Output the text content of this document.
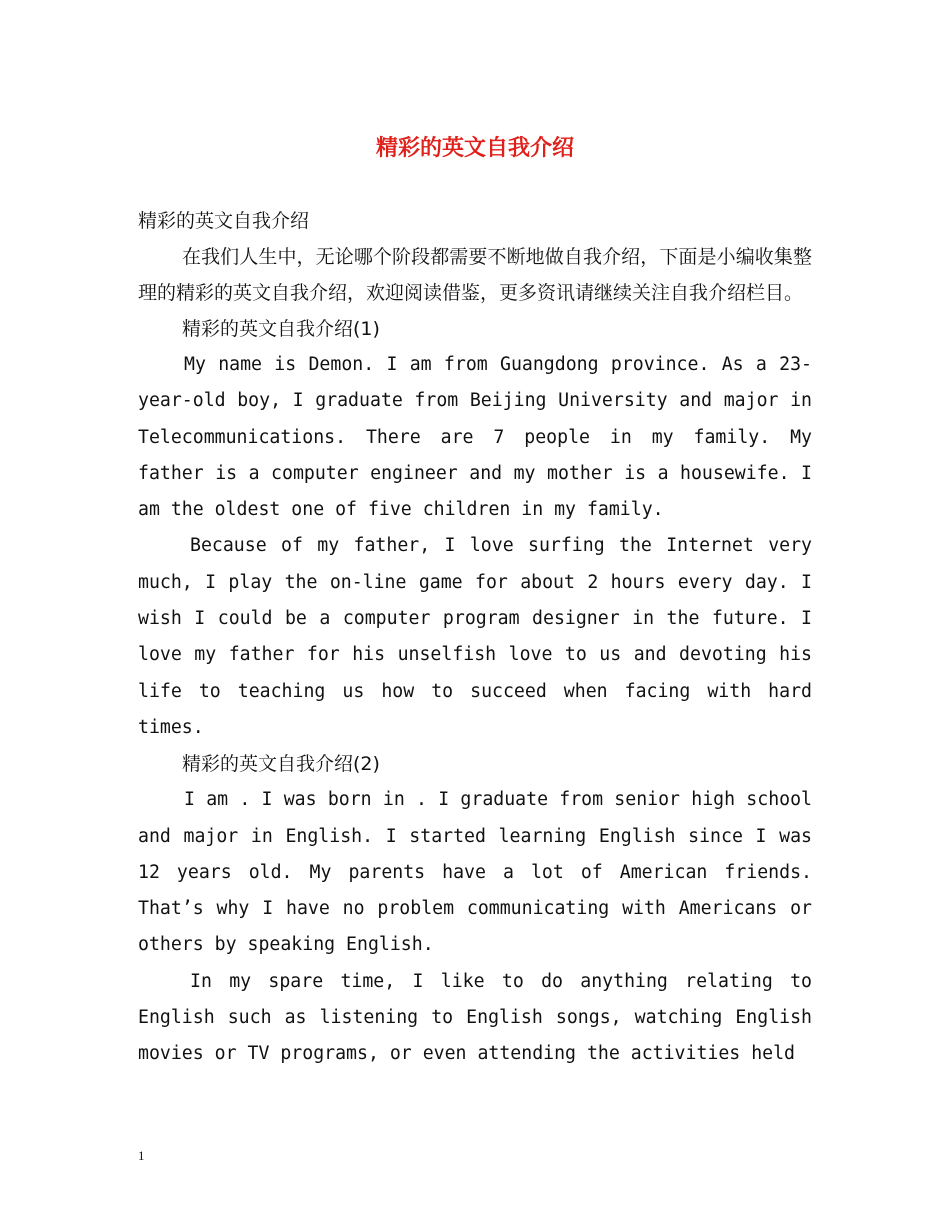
精彩的英文自我介绍

精彩的英文自我介绍

在我们人生中，无论哪个阶段都需要不断地做自我介绍，下面是小编收集整理的精彩的英文自我介绍，欢迎阅读借鉴，更多资讯请继续关注自我介绍栏目。

精彩的英文自我介绍(1)

My name is Demon. I am from Guangdong province. As a 23-year-old boy, I graduate from Beijing University and major in Telecommunications. There are 7 people in my family. My father is a computer engineer and my mother is a housewife. I am the oldest one of five children in my family.

Because of my father, I love surfing the Internet very much, I play the on-line game for about 2 hours every day. I wish I could be a computer program designer in the future. I love my father for his unselfish love to us and devoting his life to teaching us how to succeed when facing with hard times.

精彩的英文自我介绍(2)

I am . I was born in . I graduate from senior high school and major in English. I started learning English since I was 12 years old. My parents have a lot of American friends. That’s why I have no problem communicating with Americans or others by speaking English.

In my spare time, I like to do anything relating to English such as listening to English songs, watching English movies or TV programs, or even attending the activities held

1
